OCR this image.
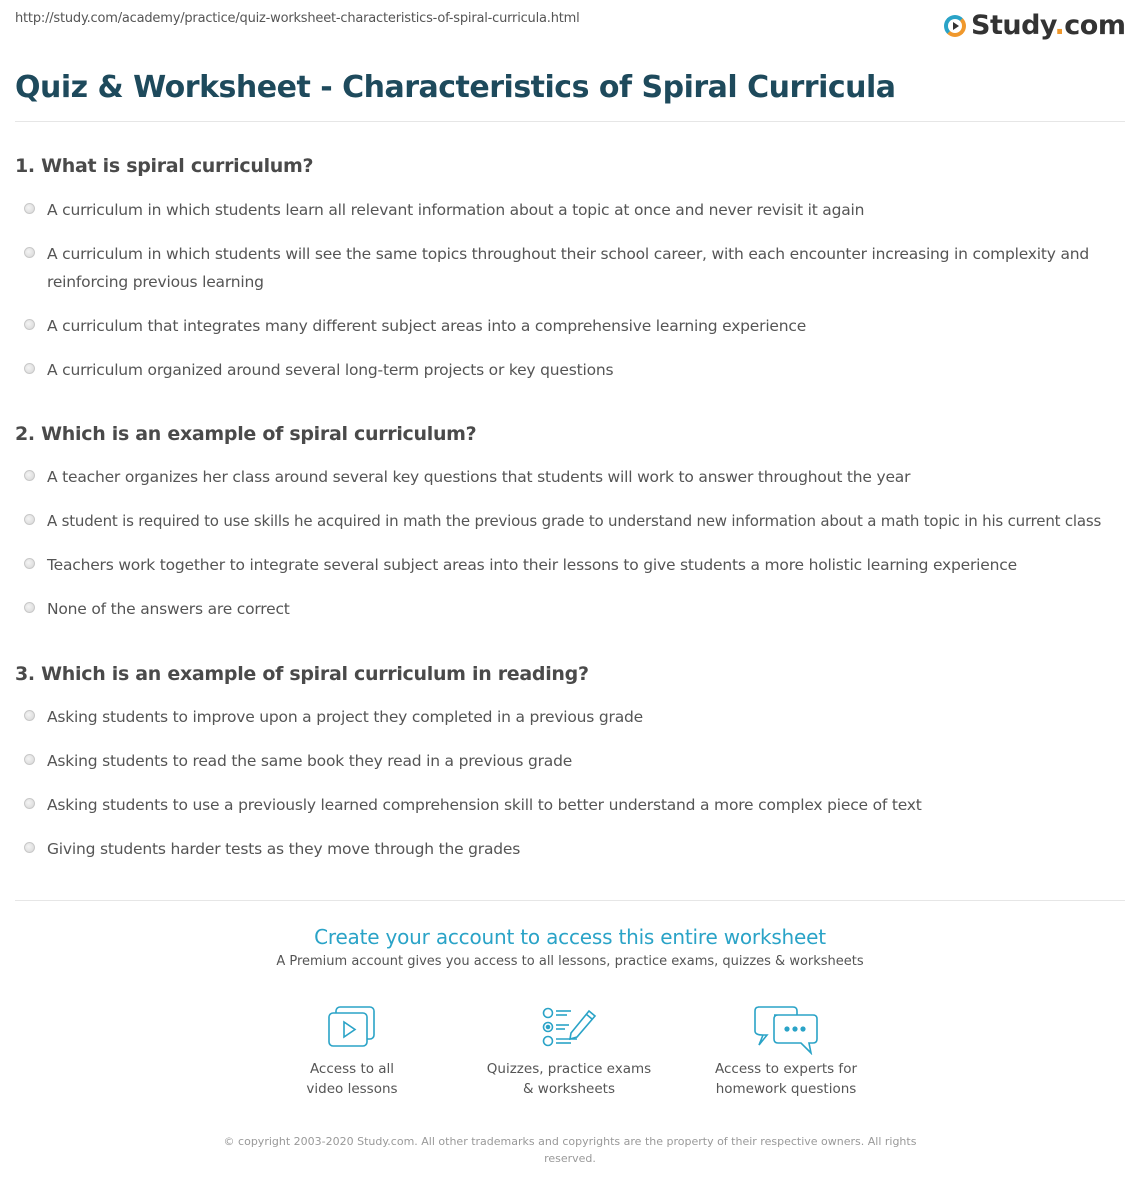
http://study.com/academy/practice/quiz-worksheet-characteristics-of-spiral-curricula.html	Study.com
Quiz & Worksheet - Characteristics of Spiral Curricula
1. What is spiral curriculum?
A curriculum in which students learn all relevant information about a topic at once and never revisit it again
A curriculum in which students will see the same topics throughout their school career, with each encounter increasing in complexity and reinforcing previous learning
A curriculum that integrates many different subject areas into a comprehensive learning experience
A curriculum organized around several long-term projects or key questions
2. Which is an example of spiral curriculum?
A teacher organizes her class around several key questions that students will work to answer throughout the year
A student is required to use skills he acquired in math the previous grade to understand new information about a math topic in his current class
Teachers work together to integrate several subject areas into their lessons to give students a more holistic learning experience
None of the answers are correct
3. Which is an example of spiral curriculum in reading?
Asking students to improve upon a project they completed in a previous grade
Asking students to read the same book they read in a previous grade
Asking students to use a previously learned comprehension skill to better understand a more complex piece of text
Giving students harder tests as they move through the grades
Create your account to access this entire worksheet
A Premium account gives you access to all lessons, practice exams, quizzes & worksheets
Access to all
video lessons
Quizzes, practice exams
& worksheets
Access to experts for
homework questions
© copyright 2003-2020 Study.com. All other trademarks and copyrights are the property of their respective owners. All rights reserved.
